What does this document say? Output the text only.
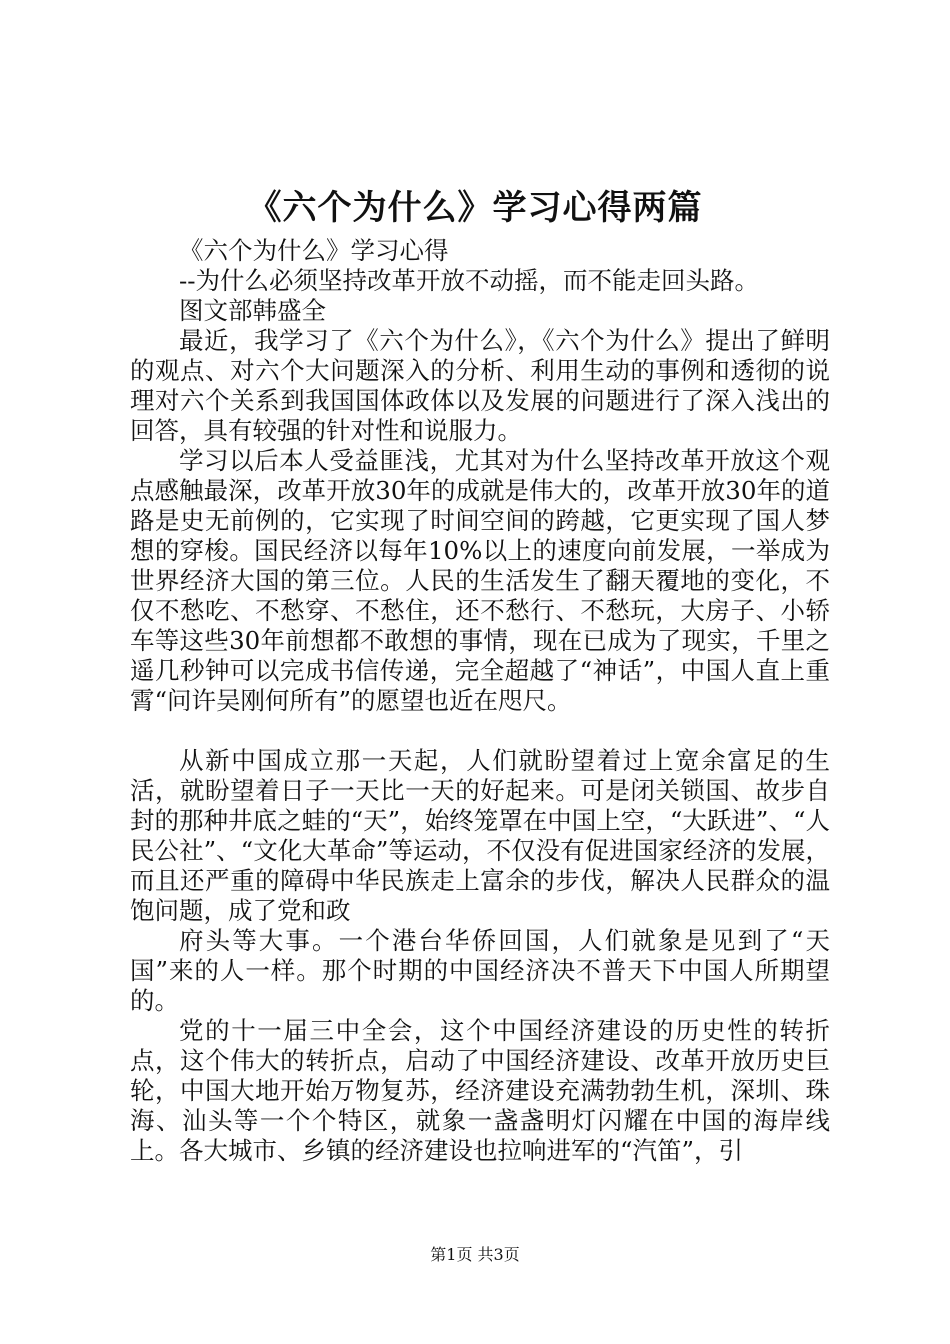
《六个为什么》学习心得两篇

《六个为什么》学习心得

--为什么必须坚持改革开放不动摇，而不能走回头路。

图文部韩盛全

最近，我学习了《六个为什么》，《六个为什么》提出了鲜明的观点、对六个大问题深入的分析、利用生动的事例和透彻的说理对六个关系到我国国体政体以及发展的问题进行了深入浅出的回答，具有较强的针对性和说服力。

学习以后本人受益匪浅，尤其对为什么坚持改革开放这个观点感触最深，改革开放30年的成就是伟大的，改革开放30年的道路是史无前例的，它实现了时间空间的跨越，它更实现了国人梦想的穿梭。国民经济以每年10%以上的速度向前发展，一举成为世界经济大国的第三位。人民的生活发生了翻天覆地的变化，不仅不愁吃、不愁穿、不愁住，还不愁行、不愁玩，大房子、小轿车等这些30年前想都不敢想的事情，现在已成为了现实，千里之遥几秒钟可以完成书信传递，完全超越了“神话”，中国人直上重霄“问许吴刚何所有”的愿望也近在咫尺。

从新中国成立那一天起，人们就盼望着过上宽余富足的生活，就盼望着日子一天比一天的好起来。可是闭关锁国、故步自封的那种井底之蛙的“天”，始终笼罩在中国上空，“大跃进”、“人民公社”、“文化大革命”等运动，不仅没有促进国家经济的发展，而且还严重的障碍中华民族走上富余的步伐，解决人民群众的温饱问题，成了党和政

府头等大事。一个港台华侨回国，人们就象是见到了“天国”来的人一样。那个时期的中国经济决不普天下中国人所期望的。

党的十一届三中全会，这个中国经济建设的历史性的转折点，这个伟大的转折点，启动了中国经济建设、改革开放历史巨轮，中国大地开始万物复苏，经济建设充满勃勃生机，深圳、珠海、汕头等一个个特区，就象一盏盏明灯闪耀在中国的海岸线上。各大城市、乡镇的经济建设也拉响进军的“汽笛”，引

第1页 共3页
